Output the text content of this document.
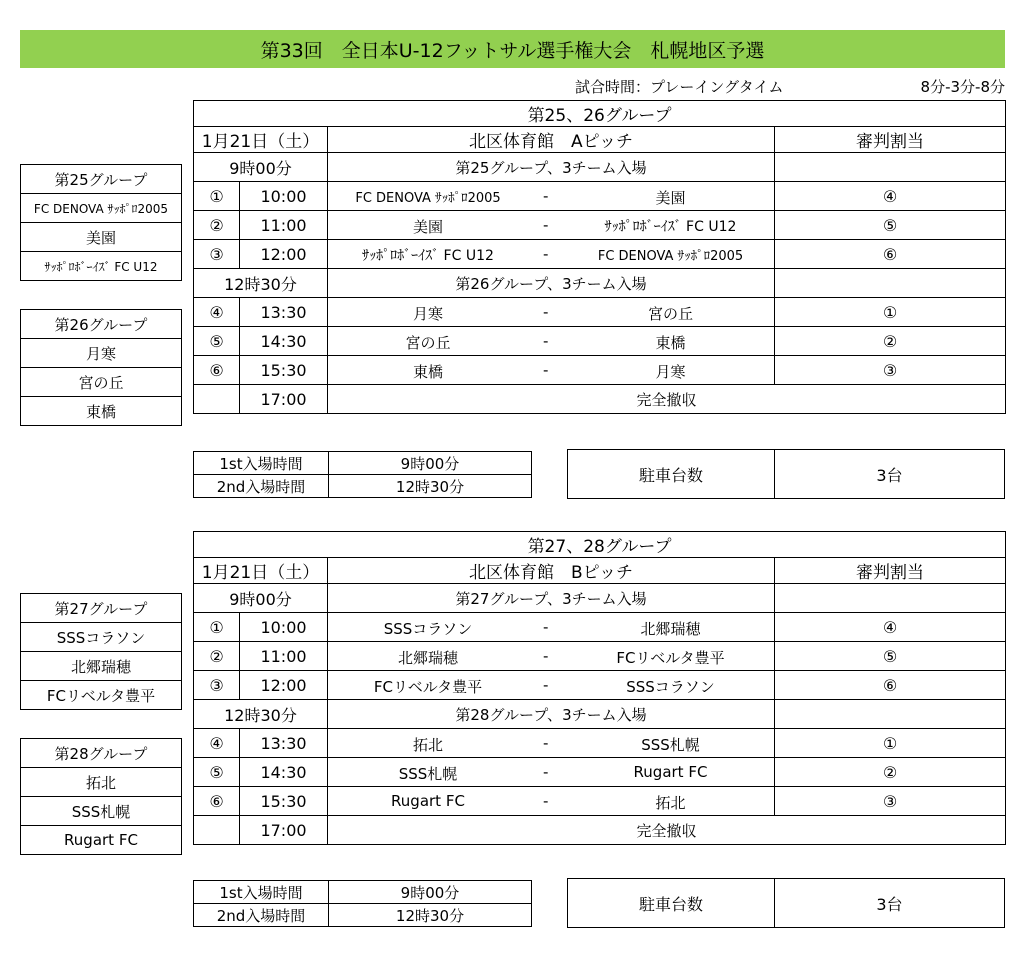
第33回　全日本U-12フットサル選手権大会　札幌地区予選
試合時間：プレーイングタイム	8分-3分-8分
第25、26グループ			
1月21日（土）		北区体育館　Aピッチ	審判割当
9時00分		第25グループ、3チーム入場	
①	10:00	FC DENOVA ｻｯﾎﾟﾛ2005 - 美園	④
②	11:00	美園 - ｻｯﾎﾟﾛﾎﾞｰｲｽﾞ FC U12	⑤
③	12:00	ｻｯﾎﾟﾛﾎﾞｰｲｽﾞ FC U12 - FC DENOVA ｻｯﾎﾟﾛ2005	⑥
12時30分		第26グループ、3チーム入場	
④	13:30	月寒 - 宮の丘	①
⑤	14:30	宮の丘 - 東橋	②
⑥	15:30	東橋 - 月寒	③
	17:00	完全撤収	
第25グループ
FC DENOVA ｻｯﾎﾟﾛ2005
美園
ｻｯﾎﾟﾛﾎﾞｰｲｽﾞ FC U12
第26グループ
月寒
宮の丘
東橋
1st入場時間	9時00分
2nd入場時間	12時30分
駐車台数	3台
第27、28グループ			
1月21日（土）		北区体育館　Bピッチ	審判割当
9時00分		第27グループ、3チーム入場	
①	10:00	SSSコラソン - 北郷瑞穂	④
②	11:00	北郷瑞穂 - FCリベルタ豊平	⑤
③	12:00	FCリベルタ豊平 - SSSコラソン	⑥
12時30分		第28グループ、3チーム入場	
④	13:30	拓北 - SSS札幌	①
⑤	14:30	SSS札幌 - Rugart FC	②
⑥	15:30	Rugart FC - 拓北	③
	17:00	完全撤収	
第27グループ
SSSコラソン
北郷瑞穂
FCリベルタ豊平
第28グループ
拓北
SSS札幌
Rugart FC
1st入場時間	9時00分
2nd入場時間	12時30分
駐車台数	3台
